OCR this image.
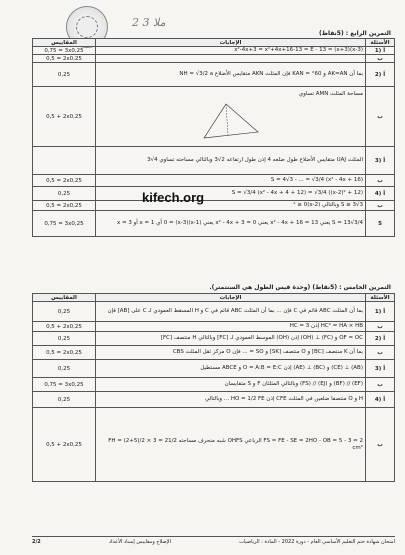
2 3 ملا
التمرين الرابع : (5نقاط)
المقاييس	الإجابات	الأسئلة
0,75 = 3x0,25	(x-3)(x+3) = x²-4x+3 = x²+4x+16-13 = E - 13	1) أ
0,5 = 2x0,25		ب
0,25	بما أن AK=AN و 60° = KAN فإن المثلث AKN متقايس الأضلاع NH = √3/2 a	2) أ
0,5 + 2x0,25	مساحة المثلث AMN تساوي	ب
	المثلث UAJ متقايس الأضلاع طول ضلعه 4 إذن طول ارتفاعه 2√3 وبالتالي مساحته تساوي 4√3	3) أ
0,5 = 2x0,25	S = 4√3 - ... = √3/4 (x² - 4x + 16)	ب
0,25	S = √3/4 (x² - 4x + 4 + 12) = √3/4 ((x-2)² + 12)	4) أ
0,5 = 2x0,25	S ≥ 3√3 وبالتالي (x-2)² ≥ 0	ب
0,75 = 3x0,25	S = 13√3/4 يعني x² - 4x + 16 = 13 يعني x² - 4x + 3 = 0 يعني (x-1)(x-3) = 0 أي x = 1 أو x = 3	5
التمرين الخامس : (5نقاط) (وحدة قيس الطول هي السنتمتر).
المقاييس	الإجابات	الأسئلة
0,25	بما أن المثلث ABC قائم في C فإن ... بما أن المثلث ABC قائم في C و H المسقط العمودي لـ C على [AB] فإن	1) أ
0,5 + 2x0,25	HC² = HA × HB إذن HC = 3	ب
0,25	OF = OC و (FC) ⊥ (OH) إذن (OH) الموسط العمودي لـ [FC] وبالتالي H منتصف [FC]	2) أ
0,5 = 2x0,25	بما أن K منتصف [BC] و O منتصف [SK] و SO = ... فإن O مركز ثقل المثلث CBS	ب
0,25	(AB) ⊥ (CE) و (BC) ⊥ (AE) إذن O = A:B = E:C و ABCE مستطيل	3) أ
0,75 = 3x0,25	(EF) // (BF) و (EJ) // (FS) وبالتالي المثلثان F و S متقايسان	ب
0,25	H و O منتصفا ضلعين في المثلث CFE إذن HO = 1/2 FE ... وبالتالي	4) أ
0,5 + 2x0,25	FS = FE - SE = 2HO - OB = 5 - 3 = 2 الرباعي OHFS شبه منحرف مساحته FH = (2+5)/2 × 3 = 21/2 cm²	ب
kifech.org
2/2	الإصلاح ومقاييس إسناد الأعداد	امتحان شهادة ختم التعليم الأساسي العام - دورة 2022 - المادة : الرياضيات
